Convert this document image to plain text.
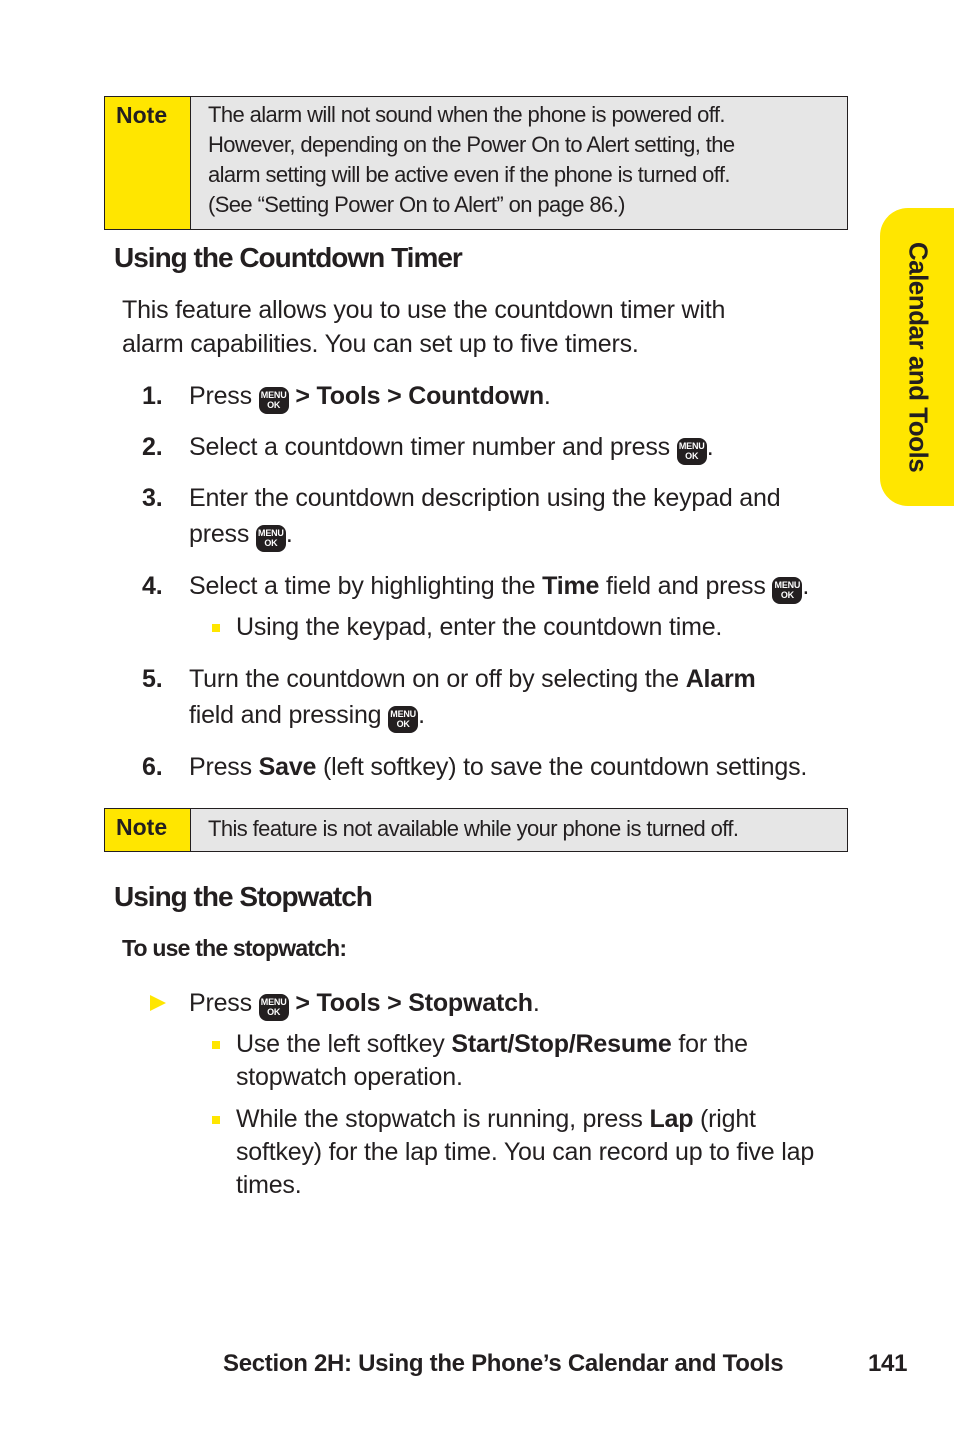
Note	The alarm will not sound when the phone is powered off.
However, depending on the Power On to Alert setting, the
alarm setting will be active even if the phone is turned off.
(See “Setting Power On to Alert” on page 86.)
Using the Countdown Timer

This feature allows you to use the countdown timer with
alarm capabilities. You can set up to five timers.

1. Press MENU
OK > Tools > Countdown.
2. Select a countdown timer number and press MENU
OK .
3. Enter the countdown description using the keypad and
press MENU
OK .
4. Select a time by highlighting the Time field and press MENU
OK .
Using the keypad, enter the countdown time.
5. Turn the countdown on or off by selecting the Alarm
field and pressing MENU
OK .
6. Press Save (left softkey) to save the countdown settings.
Note	This feature is not available while your phone is turned off.
Using the Stopwatch
To use the stopwatch:
Press MENU
OK > Tools > Stopwatch.
Use the left softkey Start/Stop/Resume for the
stopwatch operation.
While the stopwatch is running, press Lap (right
softkey) for the lap time. You can record up to five lap
times.
Calendar and Tools
Section 2H: Using the Phone’s Calendar and Tools	141
